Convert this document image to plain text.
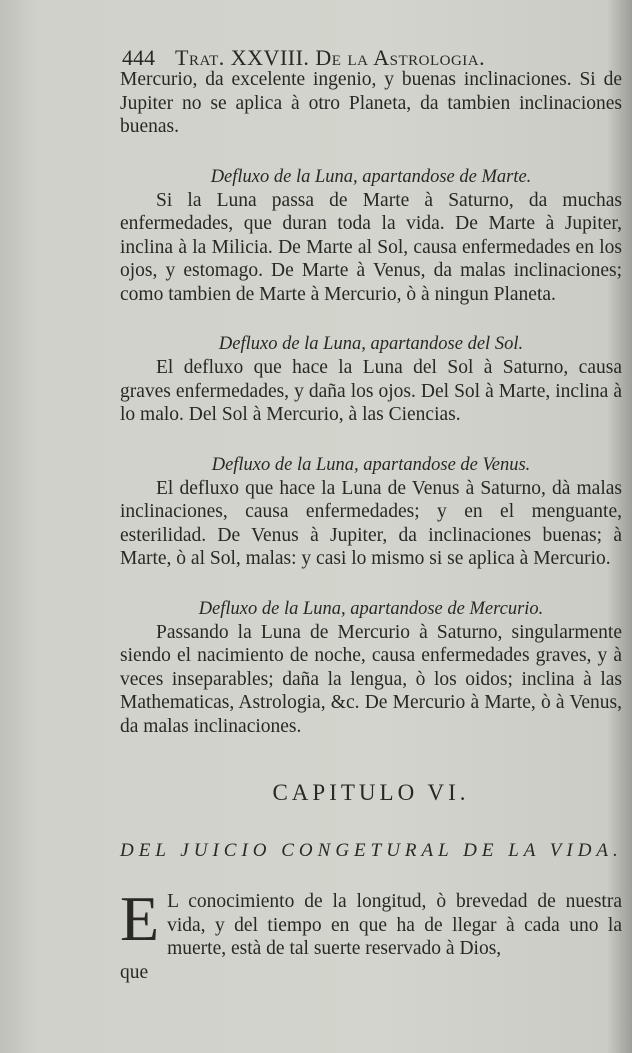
444 Trat. XXVIII. De la Astrologia.

Mercurio, da excelente ingenio, y buenas inclinaciones. Si de Jupiter no se aplica à otro Planeta, da tambien inclinaciones buenas.

Defluxo de la Luna, apartandose de Marte.

Si la Luna passa de Marte à Saturno, da muchas enfermedades, que duran toda la vida. De Marte à Jupiter, inclina à la Milicia. De Marte al Sol, causa enfermedades en los ojos, y estomago. De Marte à Venus, da malas inclinaciones; como tambien de Marte à Mercurio, ò à ningun Planeta.

Defluxo de la Luna, apartandose del Sol.

El defluxo que hace la Luna del Sol à Saturno, causa graves enfermedades, y daña los ojos. Del Sol à Marte, inclina à lo malo. Del Sol à Mercurio, à las Ciencias.

Defluxo de la Luna, apartandose de Venus.

El defluxo que hace la Luna de Venus à Saturno, dà malas inclinaciones, causa enfermedades; y en el menguante, esterilidad. De Venus à Jupiter, da inclinaciones buenas; à Marte, ò al Sol, malas: y casi lo mismo si se aplica à Mercurio.

Defluxo de la Luna, apartandose de Mercurio.

Passando la Luna de Mercurio à Saturno, singularmente siendo el nacimiento de noche, causa enfermedades graves, y à veces inseparables; daña la lengua, ò los oidos; inclina à las Mathematicas, Astrologia, &c. De Mercurio à Marte, ò à Venus, da malas inclinaciones.

CAPITULO VI.
DEL JUICIO CONGETURAL DE LA VIDA.
E L conocimiento de la longitud, ò brevedad de nuestra vida, y del tiempo en que ha de llegar à cada uno la muerte, està de tal suerte reservado à Dios,

que
